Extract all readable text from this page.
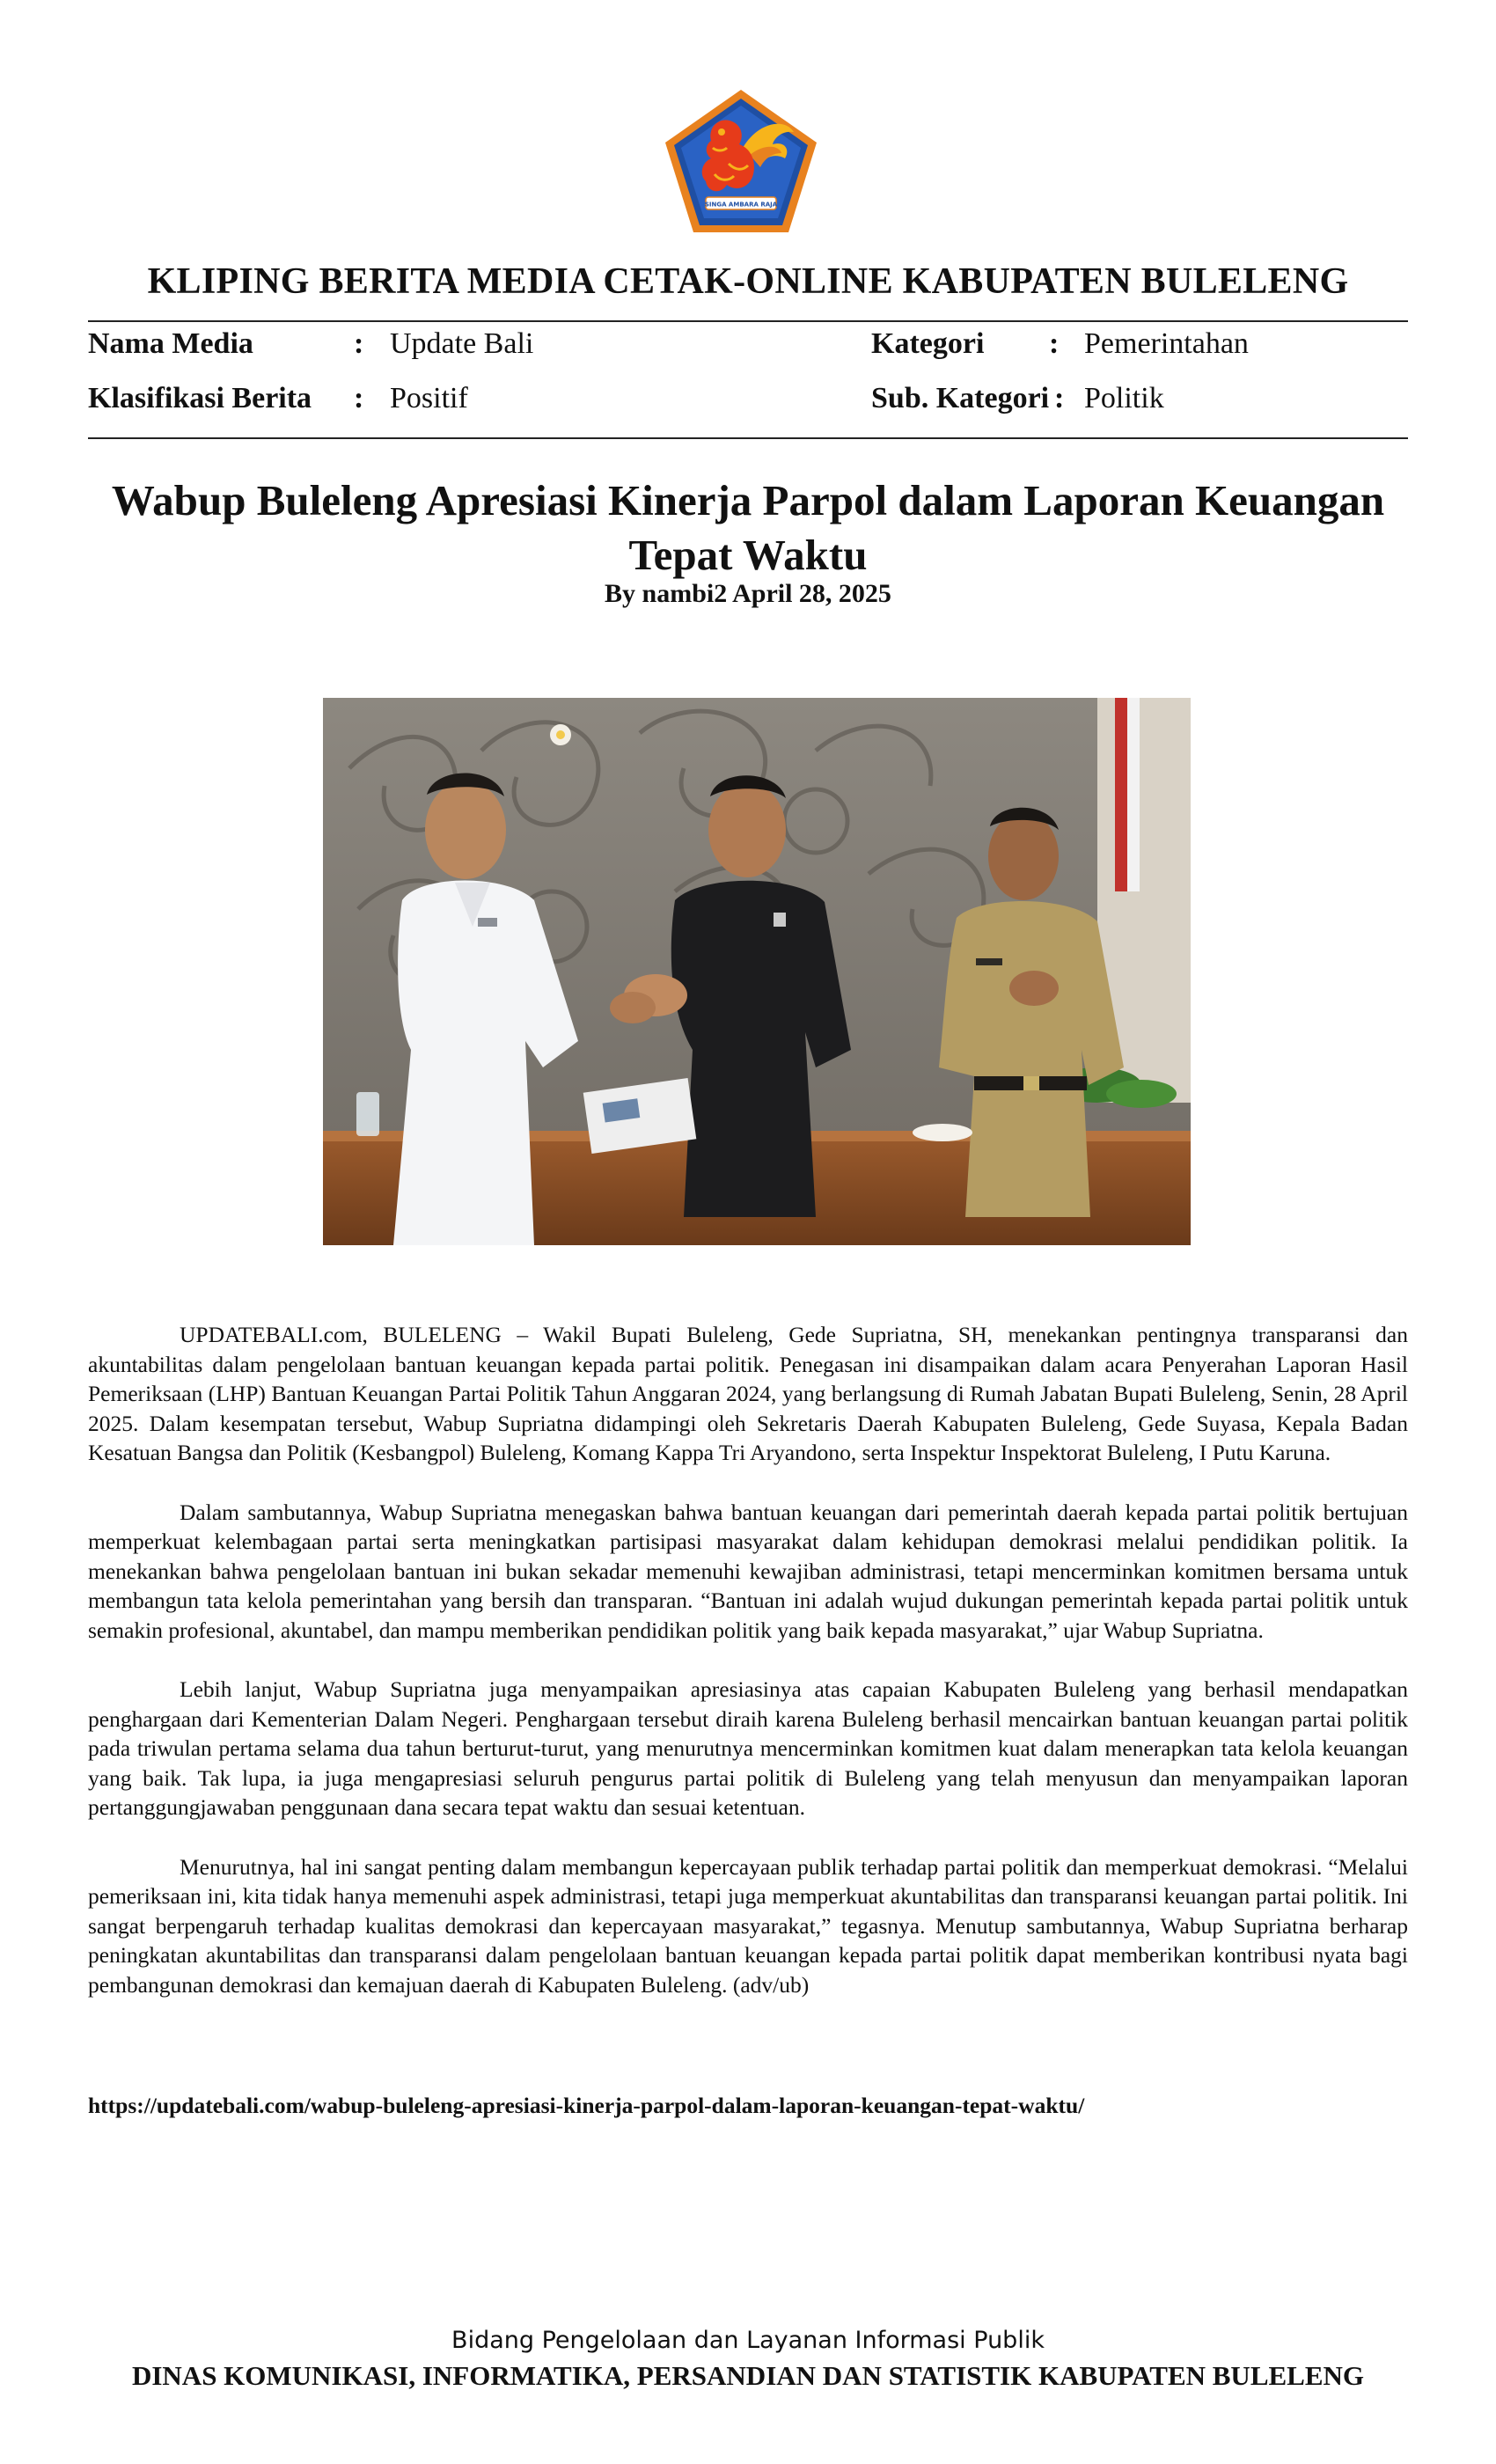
SINGA AMBARA RAJA
KLIPING BERITA MEDIA CETAK-ONLINE KABUPATEN BULELENG
Nama Media	: Update Bali	Kategori : Pemerintahan
Klasifikasi Berita : Positif	Sub. Kategori : Politik
Wabup Buleleng Apresiasi Kinerja Parpol dalam Laporan Keuangan Tepat Waktu
By nambi2 April 28, 2025

UPDATEBALI.com, BULELENG – Wakil Bupati Buleleng, Gede Supriatna, SH, menekankan pentingnya transparansi dan akuntabilitas dalam pengelolaan bantuan keuangan kepada partai politik. Penegasan ini disampaikan dalam acara Penyerahan Laporan Hasil Pemeriksaan (LHP) Bantuan Keuangan Partai Politik Tahun Anggaran 2024, yang berlangsung di Rumah Jabatan Bupati Buleleng, Senin, 28 April 2025. Dalam kesempatan tersebut, Wabup Supriatna didampingi oleh Sekretaris Daerah Kabupaten Buleleng, Gede Suyasa, Kepala Badan Kesatuan Bangsa dan Politik (Kesbangpol) Buleleng, Komang Kappa Tri Aryandono, serta Inspektur Inspektorat Buleleng, I Putu Karuna.

Dalam sambutannya, Wabup Supriatna menegaskan bahwa bantuan keuangan dari pemerintah daerah kepada partai politik bertujuan memperkuat kelembagaan partai serta meningkatkan partisipasi masyarakat dalam kehidupan demokrasi melalui pendidikan politik. Ia menekankan bahwa pengelolaan bantuan ini bukan sekadar memenuhi kewajiban administrasi, tetapi mencerminkan komitmen bersama untuk membangun tata kelola pemerintahan yang bersih dan transparan. “Bantuan ini adalah wujud dukungan pemerintah kepada partai politik untuk semakin profesional, akuntabel, dan mampu memberikan pendidikan politik yang baik kepada masyarakat,” ujar Wabup Supriatna.

Lebih lanjut, Wabup Supriatna juga menyampaikan apresiasinya atas capaian Kabupaten Buleleng yang berhasil mendapatkan penghargaan dari Kementerian Dalam Negeri. Penghargaan tersebut diraih karena Buleleng berhasil mencairkan bantuan keuangan partai politik pada triwulan pertama selama dua tahun berturut-turut, yang menurutnya mencerminkan komitmen kuat dalam menerapkan tata kelola keuangan yang baik. Tak lupa, ia juga mengapresiasi seluruh pengurus partai politik di Buleleng yang telah menyusun dan menyampaikan laporan pertanggungjawaban penggunaan dana secara tepat waktu dan sesuai ketentuan.

Menurutnya, hal ini sangat penting dalam membangun kepercayaan publik terhadap partai politik dan memperkuat demokrasi. “Melalui pemeriksaan ini, kita tidak hanya memenuhi aspek administrasi, tetapi juga memperkuat akuntabilitas dan transparansi keuangan partai politik. Ini sangat berpengaruh terhadap kualitas demokrasi dan kepercayaan masyarakat,” tegasnya. Menutup sambutannya, Wabup Supriatna berharap peningkatan akuntabilitas dan transparansi dalam pengelolaan bantuan keuangan kepada partai politik dapat memberikan kontribusi nyata bagi pembangunan demokrasi dan kemajuan daerah di Kabupaten Buleleng. (adv/ub)

https://updatebali.com/wabup-buleleng-apresiasi-kinerja-parpol-dalam-laporan-keuangan-tepat-waktu/
Bidang Pengelolaan dan Layanan Informasi Publik
DINAS KOMUNIKASI, INFORMATIKA, PERSANDIAN DAN STATISTIK KABUPATEN BULELENG
